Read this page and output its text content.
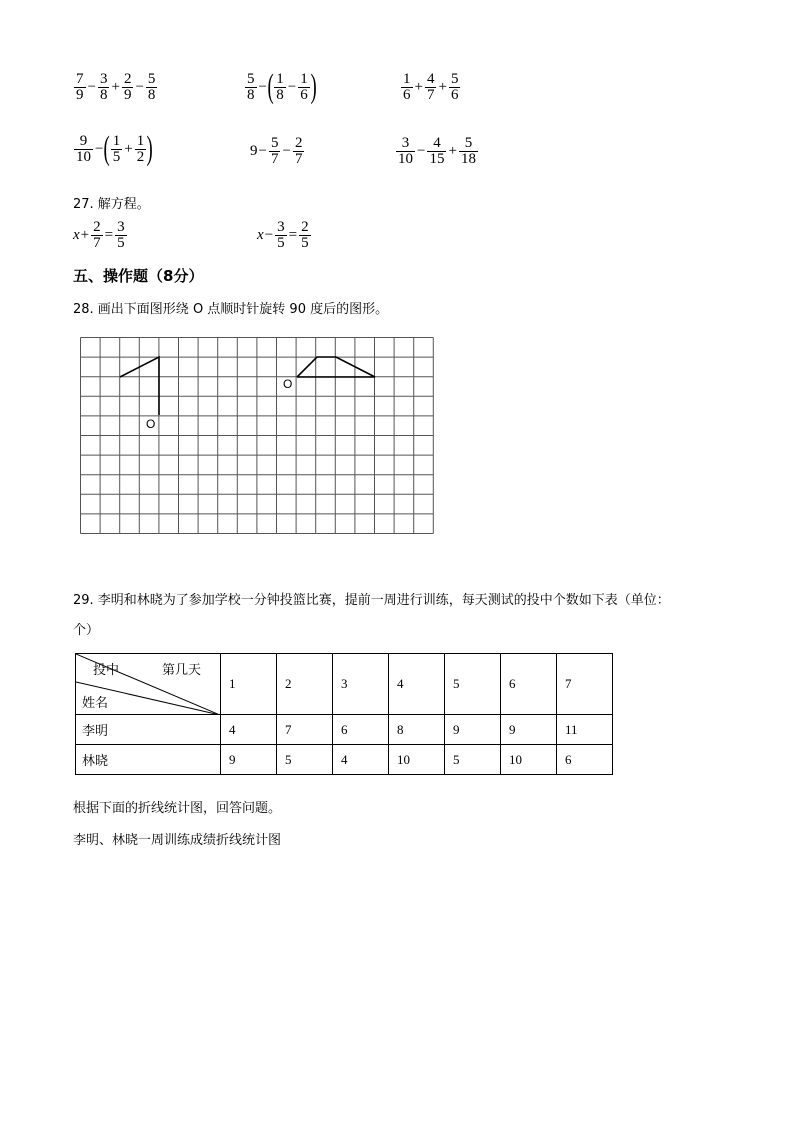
$\frac{7}{9} - \frac{3}{8} + \frac{2}{9} - \frac{5}{8}$	$\frac{5}{8}$ − ( $\frac{1}{8} - \frac{1}{6}$ )	$\frac{1}{6} + \frac{4}{7} + \frac{5}{6}$
$\frac{9}{10}$ − ( $\frac{1}{5} + \frac{1}{2}$ )	$9 - \frac{5}{7} - \frac{2}{7}$	$\frac{3}{10} - \frac{4}{15} + \frac{5}{18}$
27. 解方程。
$x + \frac{2}{7} = \frac{3}{5}$	$x - \frac{3}{5} = \frac{2}{5}$
五、操作题（8分）
28. 画出下面图形绕 O 点顺时针旋转 90 度后的图形。
O
O
29. 李明和林晓为了参加学校一分钟投篮比赛，提前一周进行训练，每天测试的投中个数如下表（单位：
个）
投中 第几天
姓名	1	2	3	4	5	6	7
李明	4	7	6	8	9	9	11
林晓	9	5	4	10	5	10	6
根据下面的折线统计图，回答问题。
李明、林晓一周训练成绩折线统计图
